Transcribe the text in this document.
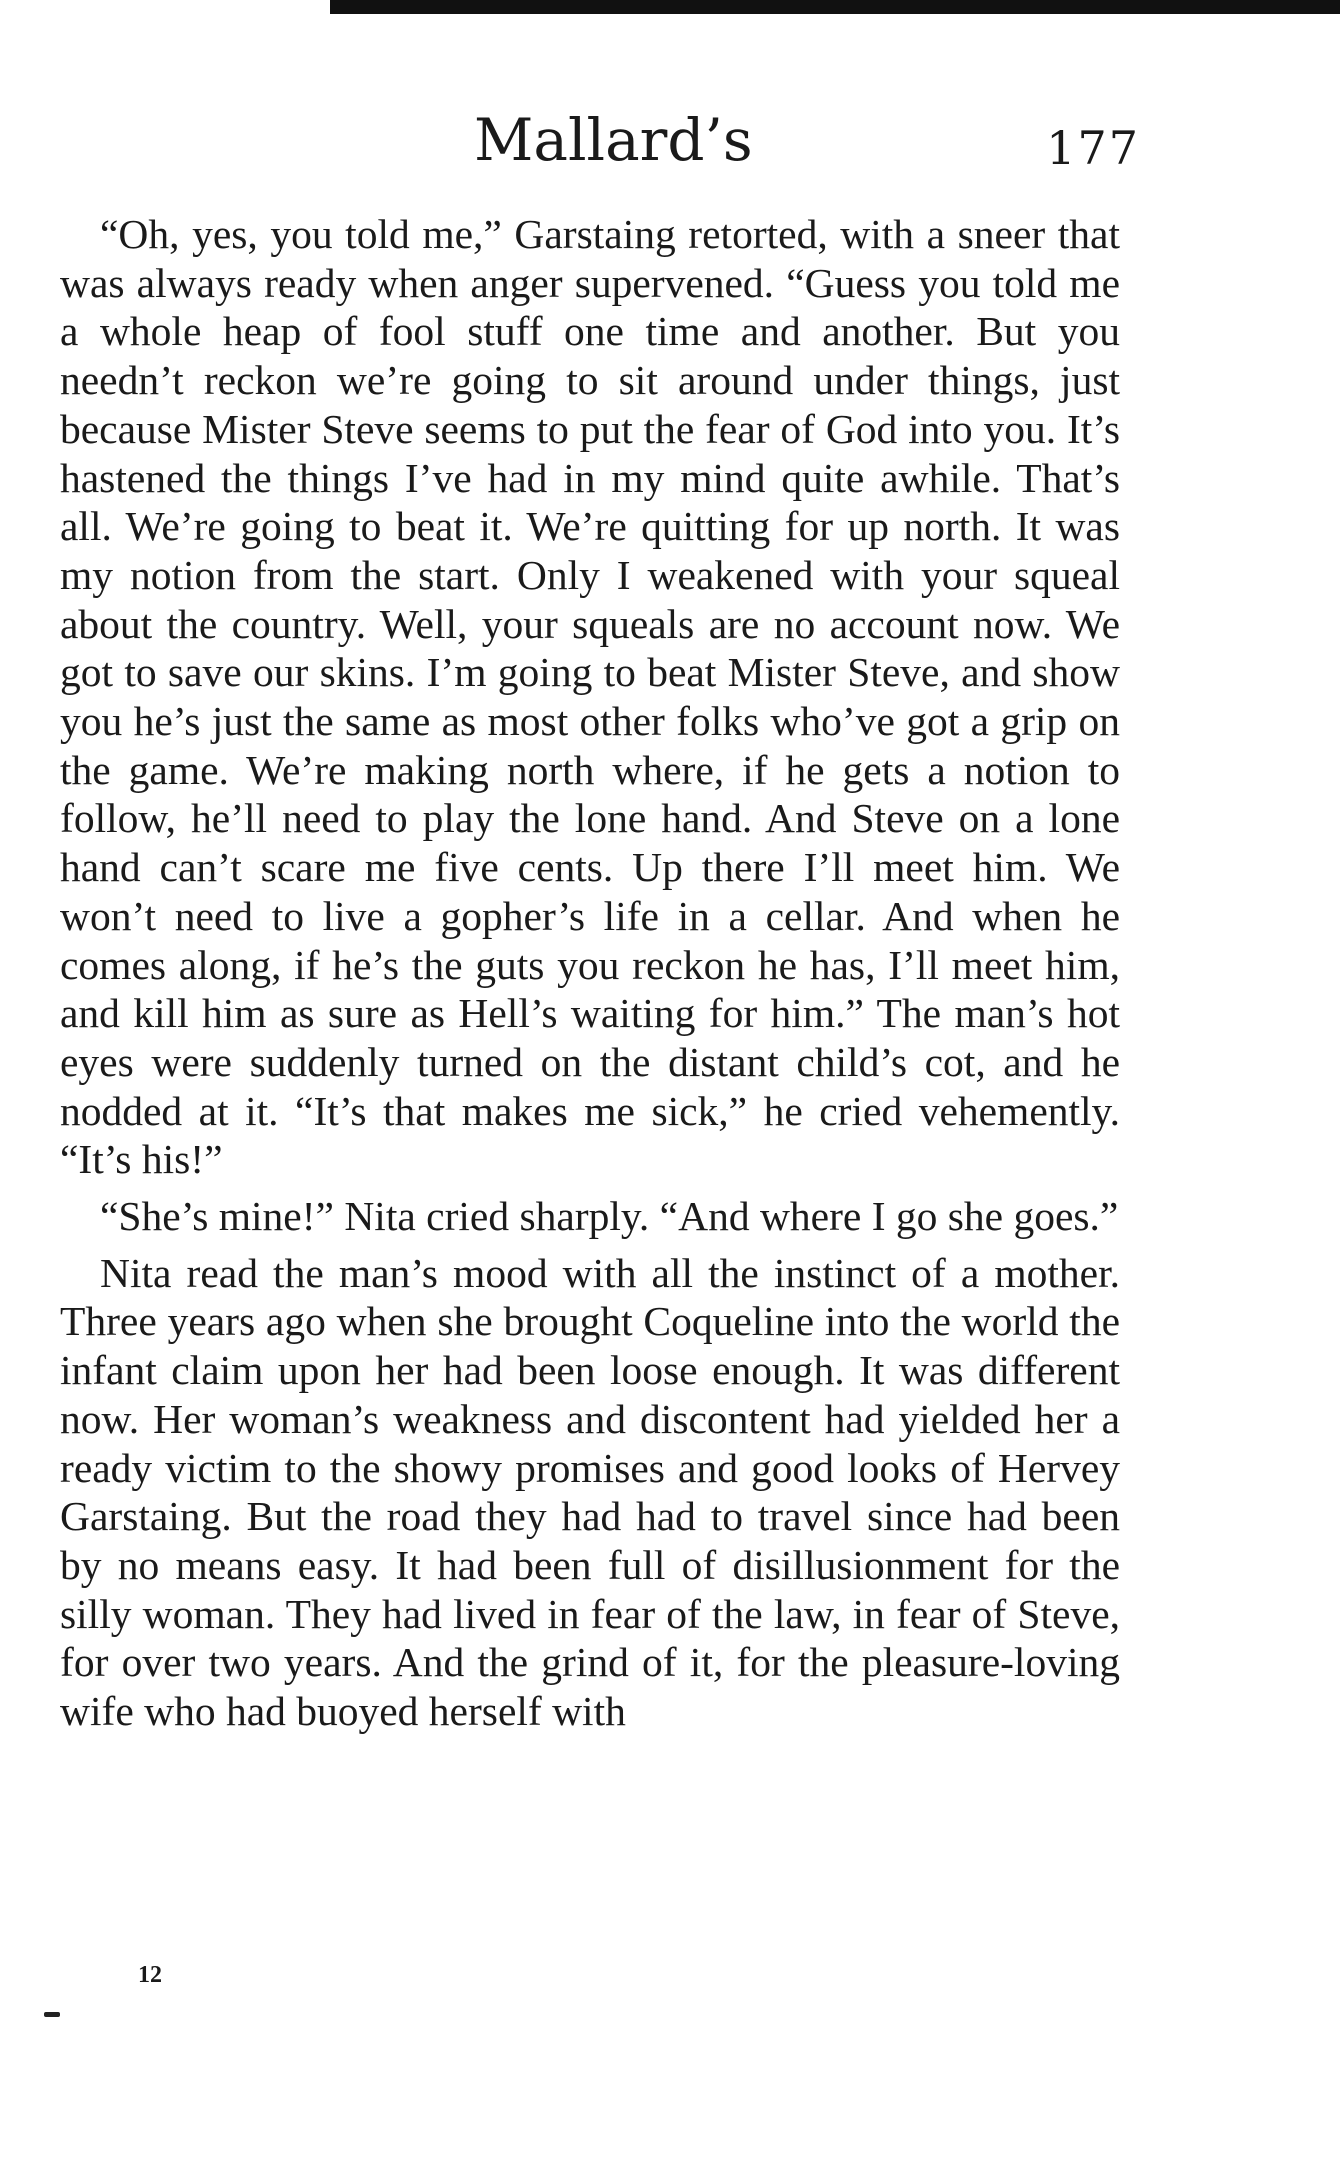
Mallard’s	177

“Oh, yes, you told me,” Garstaing retorted, with a sneer that was always ready when anger supervened. “Guess you told me a whole heap of fool stuff one time and another. But you needn’t reckon we’re going to sit around under things, just because Mister Steve seems to put the fear of God into you. It’s hastened the things I’ve had in my mind quite awhile. That’s all. We’re going to beat it. We’re quitting for up north. It was my notion from the start. Only I weakened with your squeal about the country. Well, your squeals are no account now. We got to save our skins. I’m going to beat Mister Steve, and show you he’s just the same as most other folks who’ve got a grip on the game. We’re making north where, if he gets a notion to follow, he’ll need to play the lone hand. And Steve on a lone hand can’t scare me five cents. Up there I’ll meet him. We won’t need to live a gopher’s life in a cellar. And when he comes along, if he’s the guts you reckon he has, I’ll meet him, and kill him as sure as Hell’s waiting for him.” The man’s hot eyes were suddenly turned on the distant child’s cot, and he nodded at it. “It’s that makes me sick,” he cried vehemently. “It’s his!”

“She’s mine!” Nita cried sharply. “And where I go she goes.”

Nita read the man’s mood with all the instinct of a mother. Three years ago when she brought Coqueline into the world the infant claim upon her had been loose enough. It was different now. Her woman’s weakness and discontent had yielded her a ready victim to the showy promises and good looks of Hervey Garstaing. But the road they had had to travel since had been by no means easy. It had been full of disillusionment for the silly woman. They had lived in fear of the law, in fear of Steve, for over two years. And the grind of it, for the pleasure-loving wife who had buoyed herself with

12
